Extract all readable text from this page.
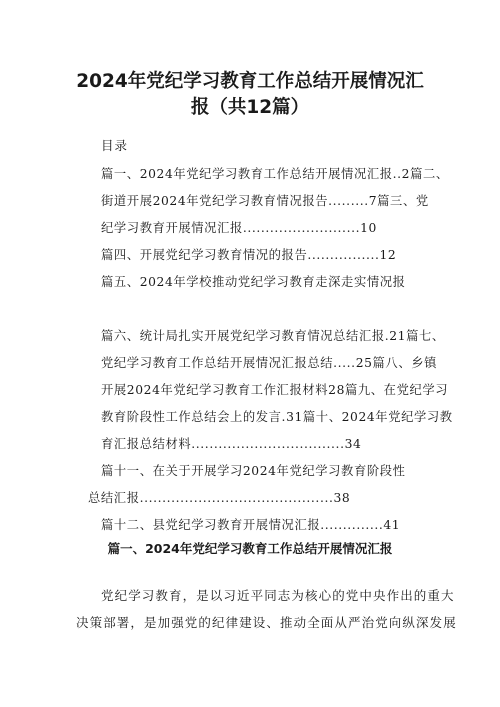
2024年党纪学习教育工作总结开展情况汇
报（共12篇）
目录
篇一、2024年党纪学习教育工作总结开展情况汇报..2篇二、
街道开展2024年党纪学习教育情况报告.........7篇三、党
纪学习教育开展情况汇报..........................10
篇四、开展党纪学习教育情况的报告................12
篇五、2024年学校推动党纪学习教育走深走实情况报
篇六、统计局扎实开展党纪学习教育情况总结汇报.21篇七、
党纪学习教育工作总结开展情况汇报总结.....25篇八、乡镇
开展2024年党纪学习教育工作汇报材料28篇九、在党纪学习
教育阶段性工作总结会上的发言.31篇十、2024年党纪学习教
育汇报总结材料..................................34
篇十一、在关于开展学习2024年党纪学习教育阶段性
总结汇报...........................................38
篇十二、县党纪学习教育开展情况汇报..............41
篇一、2024年党纪学习教育工作总结开展情况汇报
党纪学习教育，是以习近平同志为核心的党中央作出的重大
决策部署，是加强党的纪律建设、推动全面从严治党向纵深发展
